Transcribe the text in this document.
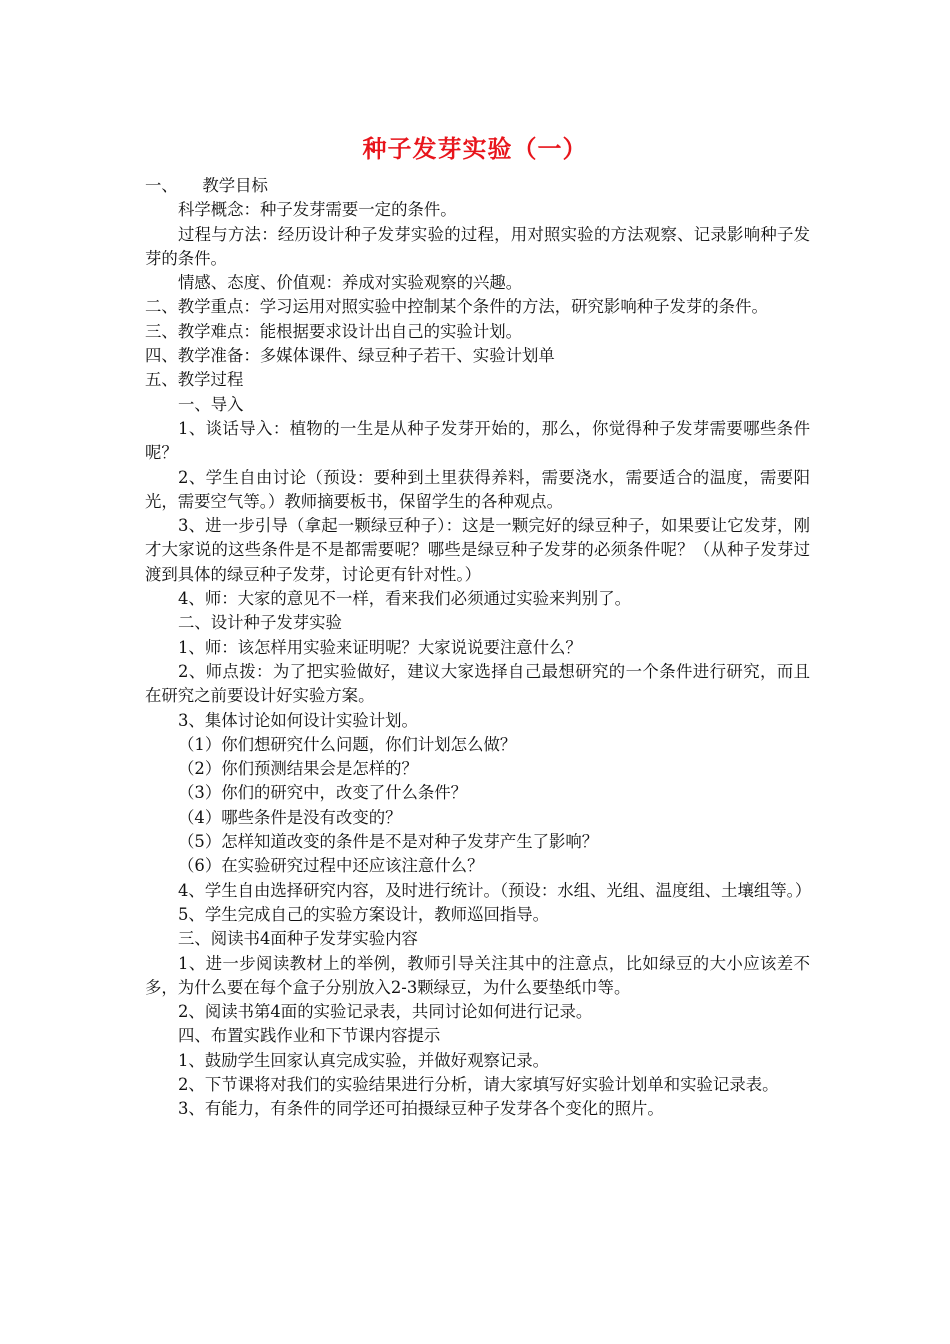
种子发芽实验（一）

一、　　教学目标

科学概念：种子发芽需要一定的条件。

过程与方法：经历设计种子发芽实验的过程，用对照实验的方法观察、记录影响种子发芽的条件。

情感、态度、价值观：养成对实验观察的兴趣。

二、教学重点：学习运用对照实验中控制某个条件的方法，研究影响种子发芽的条件。

三、教学难点：能根据要求设计出自己的实验计划。

四、教学准备：多媒体课件、绿豆种子若干、实验计划单

五、教学过程

一、导入

1、谈话导入：植物的一生是从种子发芽开始的，那么，你觉得种子发芽需要哪些条件呢？

2、学生自由讨论（预设：要种到土里获得养料，需要浇水，需要适合的温度，需要阳光，需要空气等。）教师摘要板书，保留学生的各种观点。

3、进一步引导（拿起一颗绿豆种子）：这是一颗完好的绿豆种子，如果要让它发芽，刚才大家说的这些条件是不是都需要呢？哪些是绿豆种子发芽的必须条件呢？（从种子发芽过渡到具体的绿豆种子发芽，讨论更有针对性。）

4、师：大家的意见不一样，看来我们必须通过实验来判别了。

二、设计种子发芽实验

1、师：该怎样用实验来证明呢？大家说说要注意什么？

2、师点拨：为了把实验做好，建议大家选择自己最想研究的一个条件进行研究，而且在研究之前要设计好实验方案。

3、集体讨论如何设计实验计划。

（1）你们想研究什么问题，你们计划怎么做？

（2）你们预测结果会是怎样的？

（3）你们的研究中，改变了什么条件？

（4）哪些条件是没有改变的？

（5）怎样知道改变的条件是不是对种子发芽产生了影响？

（6）在实验研究过程中还应该注意什么？

4、学生自由选择研究内容，及时进行统计。（预设：水组、光组、温度组、土壤组等。）

5、学生完成自己的实验方案设计，教师巡回指导。

三、阅读书4面种子发芽实验内容

1、进一步阅读教材上的举例，教师引导关注其中的注意点，比如绿豆的大小应该差不多，为什么要在每个盒子分别放入2-3颗绿豆，为什么要垫纸巾等。

2、阅读书第4面的实验记录表，共同讨论如何进行记录。

四、布置实践作业和下节课内容提示

1、鼓励学生回家认真完成实验，并做好观察记录。

2、下节课将对我们的实验结果进行分析，请大家填写好实验计划单和实验记录表。

3、有能力，有条件的同学还可拍摄绿豆种子发芽各个变化的照片。
